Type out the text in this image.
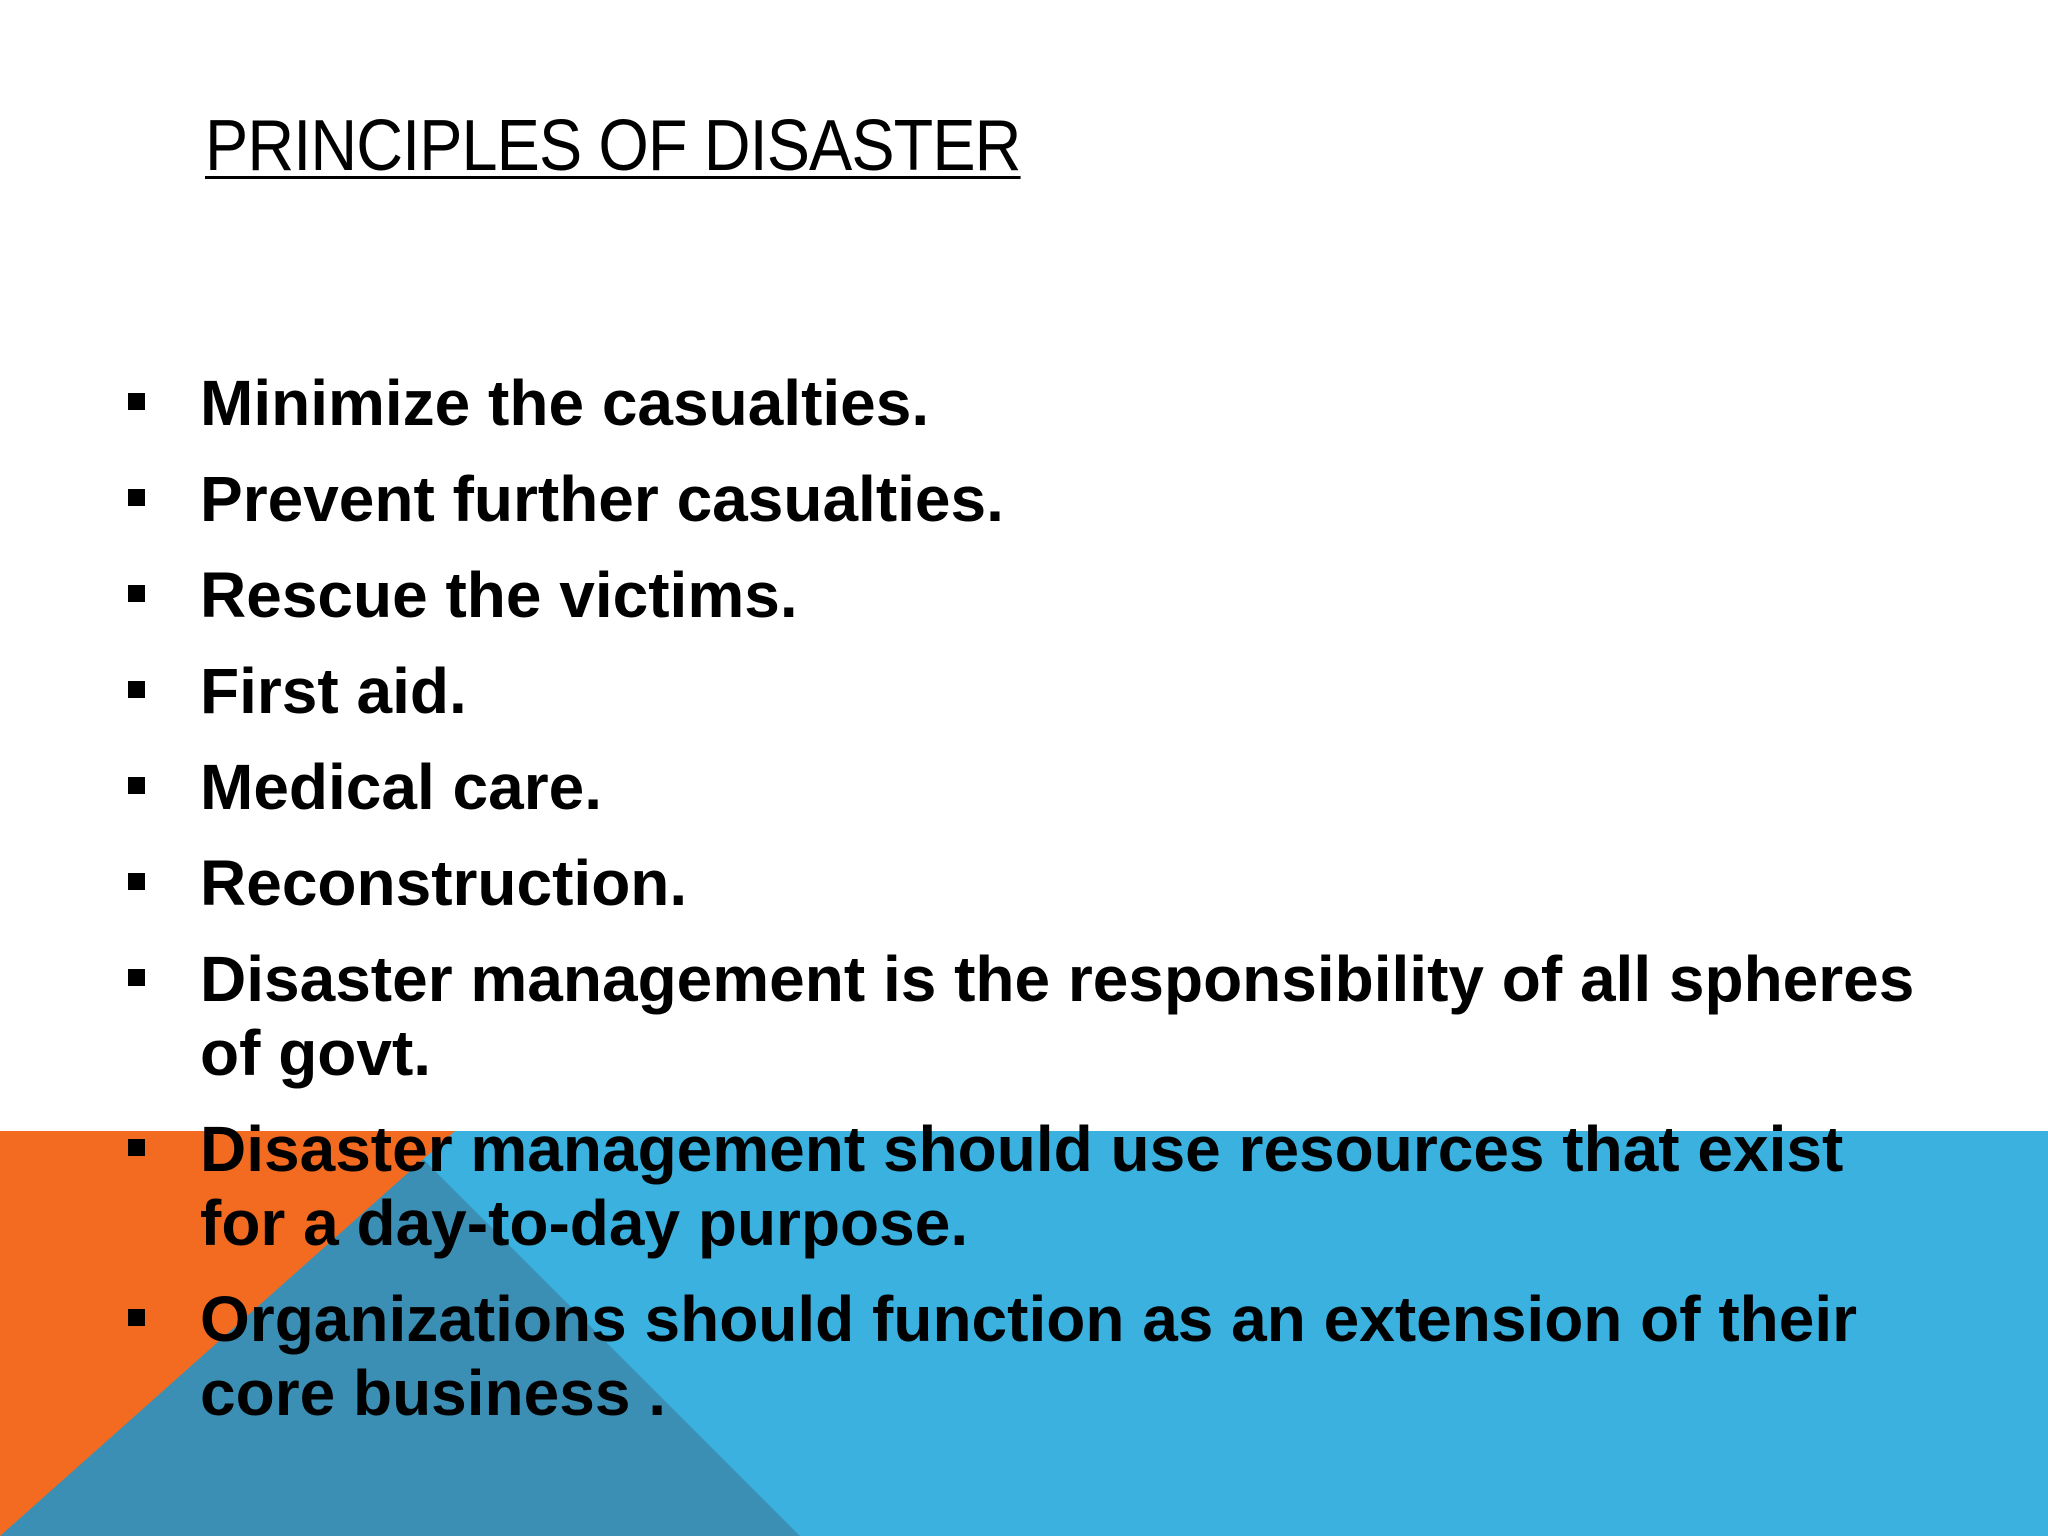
PRINCIPLES OF DISASTER
Minimize the casualties.
Prevent further casualties.
Rescue the victims.
First aid.
Medical care.
Reconstruction.
Disaster management is the responsibility of all spheres of govt.
Disaster management should use resources that exist for a day-to-day purpose.
Organizations should function as an extension of their core business .
